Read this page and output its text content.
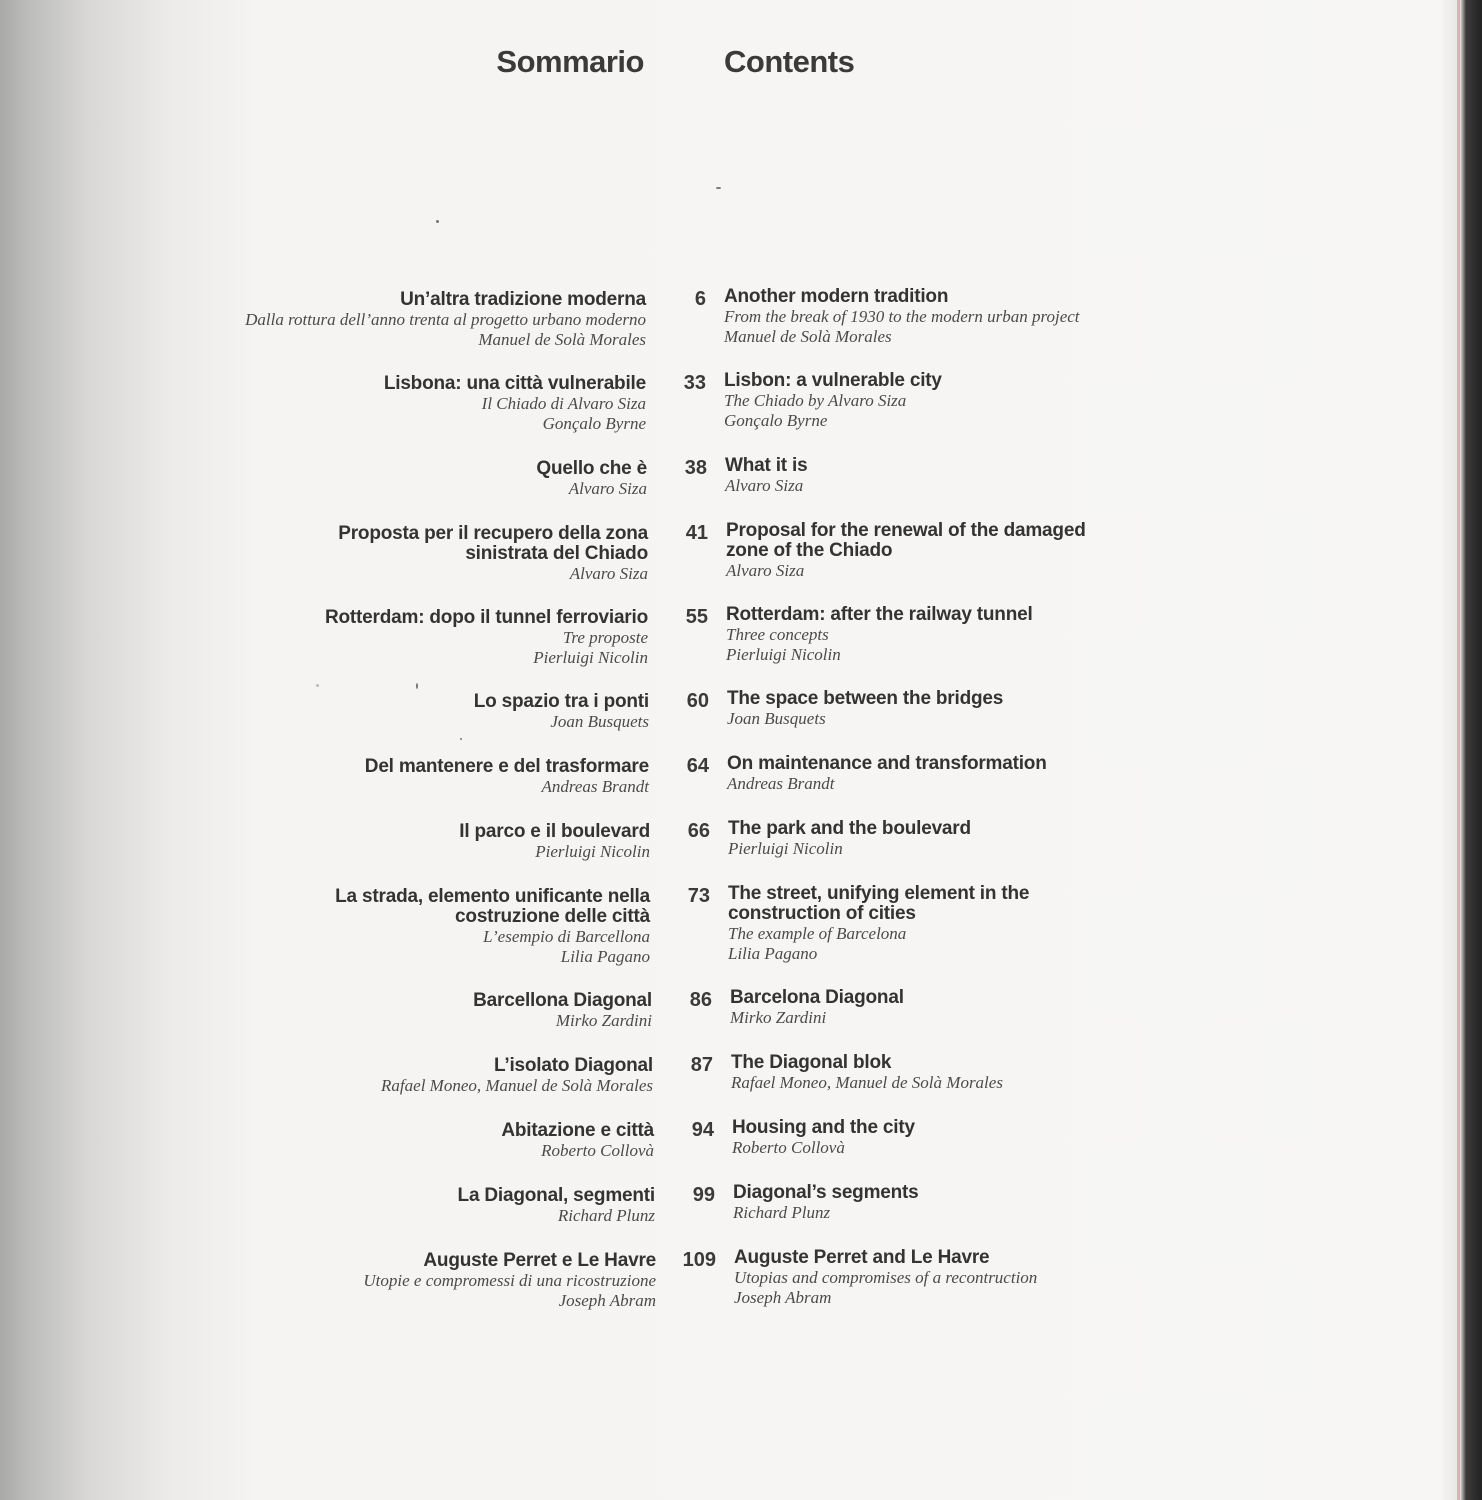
Sommario	Contents
Un’altra tradizione moderna
Dalla rottura dell’anno trenta al progetto urbano moderno
Manuel de Solà Morales
6 Another modern tradition
From the break of 1930 to the modern urban project
Manuel de Solà Morales
Lisbona: una città vulnerabile
Il Chiado di Alvaro Siza
Gonçalo Byrne
33 Lisbon: a vulnerable city
The Chiado by Alvaro Siza
Gonçalo Byrne
Quello che è
Alvaro Siza
38 What it is
Alvaro Siza
Proposta per il recupero della zona
sinistrata del Chiado
Alvaro Siza
41 Proposal for the renewal of the damaged
zone of the Chiado
Alvaro Siza
Rotterdam: dopo il tunnel ferroviario
Tre proposte
Pierluigi Nicolin
55 Rotterdam: after the railway tunnel
Three concepts
Pierluigi Nicolin
Lo spazio tra i ponti
Joan Busquets
60 The space between the bridges
Joan Busquets
Del mantenere e del trasformare
Andreas Brandt
64 On maintenance and transformation
Andreas Brandt
Il parco e il boulevard
Pierluigi Nicolin
66 The park and the boulevard
Pierluigi Nicolin
La strada, elemento unificante nella
costruzione delle città
L’esempio di Barcellona
Lilia Pagano
73 The street, unifying element in the
construction of cities
The example of Barcelona
Lilia Pagano
Barcellona Diagonal
Mirko Zardini
86 Barcelona Diagonal
Mirko Zardini
L’isolato Diagonal
Rafael Moneo, Manuel de Solà Morales
87 The Diagonal blok
Rafael Moneo, Manuel de Solà Morales
Abitazione e città
Roberto Collovà
94 Housing and the city
Roberto Collovà
La Diagonal, segmenti
Richard Plunz
99 Diagonal’s segments
Richard Plunz
Auguste Perret e Le Havre
Utopie e compromessi di una ricostruzione
Joseph Abram
109 Auguste Perret and Le Havre
Utopias and compromises of a recontruction
Joseph Abram
